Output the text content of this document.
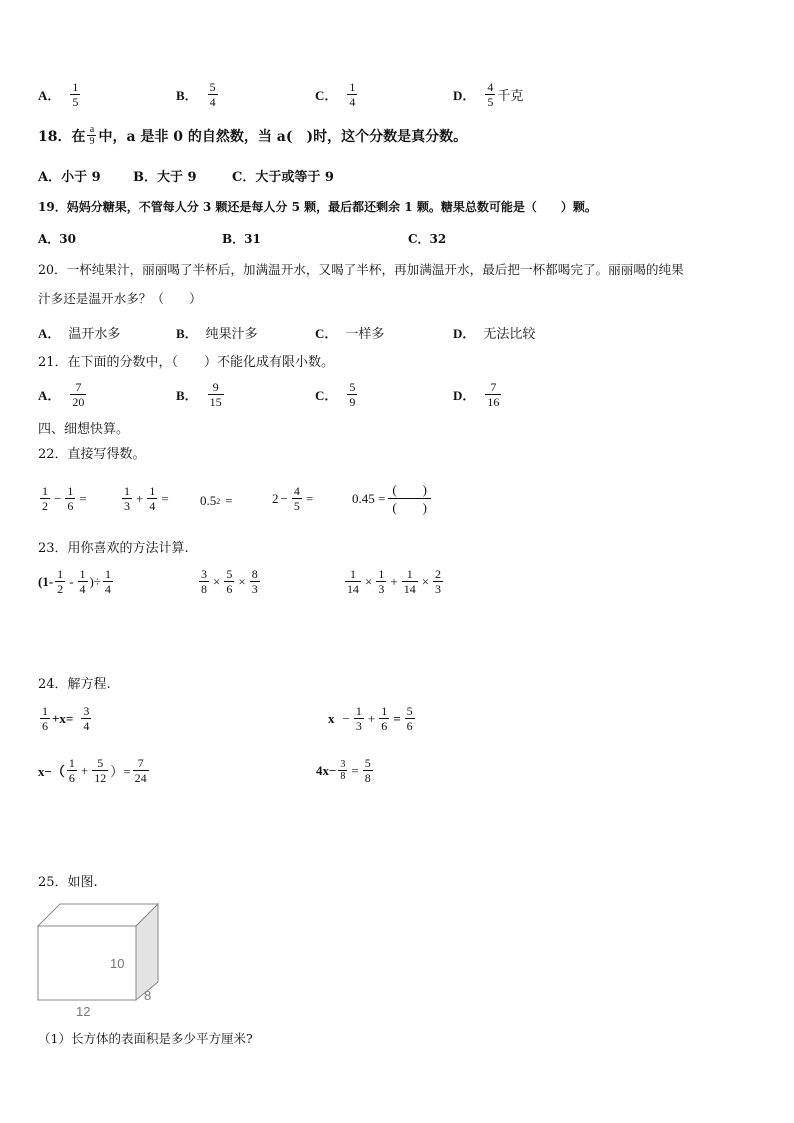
A． $\frac{1}{5}$	B． $\frac{5}{4}$	C． $\frac{1}{4}$	D． $\frac{4}{5}$ 千克
18．在 $\frac{a}{9}$ 中，a 是非 0 的自然数，当 a(　)时，这个分数是真分数。
A．小于 9 B．大于 9	C．大于或等于 9
19．妈妈分糖果，不管每人分 3 颗还是每人分 5 颗，最后都还剩余 1 颗。糖果总数可能是（　　）颗。
A．30	B．31	C．32
20．一杯纯果汁，丽丽喝了半杯后，加满温开水，又喝了半杯，再加满温开水，最后把一杯都喝完了。丽丽喝的纯果
汁多还是温开水多？（　　）
A． 温开水多	B． 纯果汁多	C． 一样多	D． 无法比较
21．在下面的分数中，（　　）不能化成有限小数。
A． $\frac{7}{20}$	B． $\frac{9}{15}$	C． $\frac{5}{9}$	D． $\frac{7}{16}$
四、细想快算。
22．直接写得数。
$\frac{1}{2} - \frac{1}{6}$ =	$\frac{1}{3} + \frac{1}{4} = 0.5$ 2 =	$2 - \frac{4}{5}$ =	$0.45 = \frac{( )}{( )}$
23．用你喜欢的方法计算.
($1- \frac{1}{2} - \frac{1}{4}$ )÷ $\frac{1}{4}$	$\frac{3}{8} \times \frac{5}{6} \times \frac{8}{3}$	$\frac{1}{14} \times \frac{1}{3} + \frac{1}{14} \times \frac{2}{3}$
24．解方程.
$\frac{1}{6} +x= \frac{3}{4}$	$x - \frac{1}{3} + \frac{1}{6} = \frac{5}{6}$
$x-( \frac{1}{6} + \frac{5}{12}$ ）= $\frac{7}{24}$	$4x- \frac{3}{8} = \frac{5}{8}$
25．如图.
10
12
8
（1）长方体的表面积是多少平方厘米?
